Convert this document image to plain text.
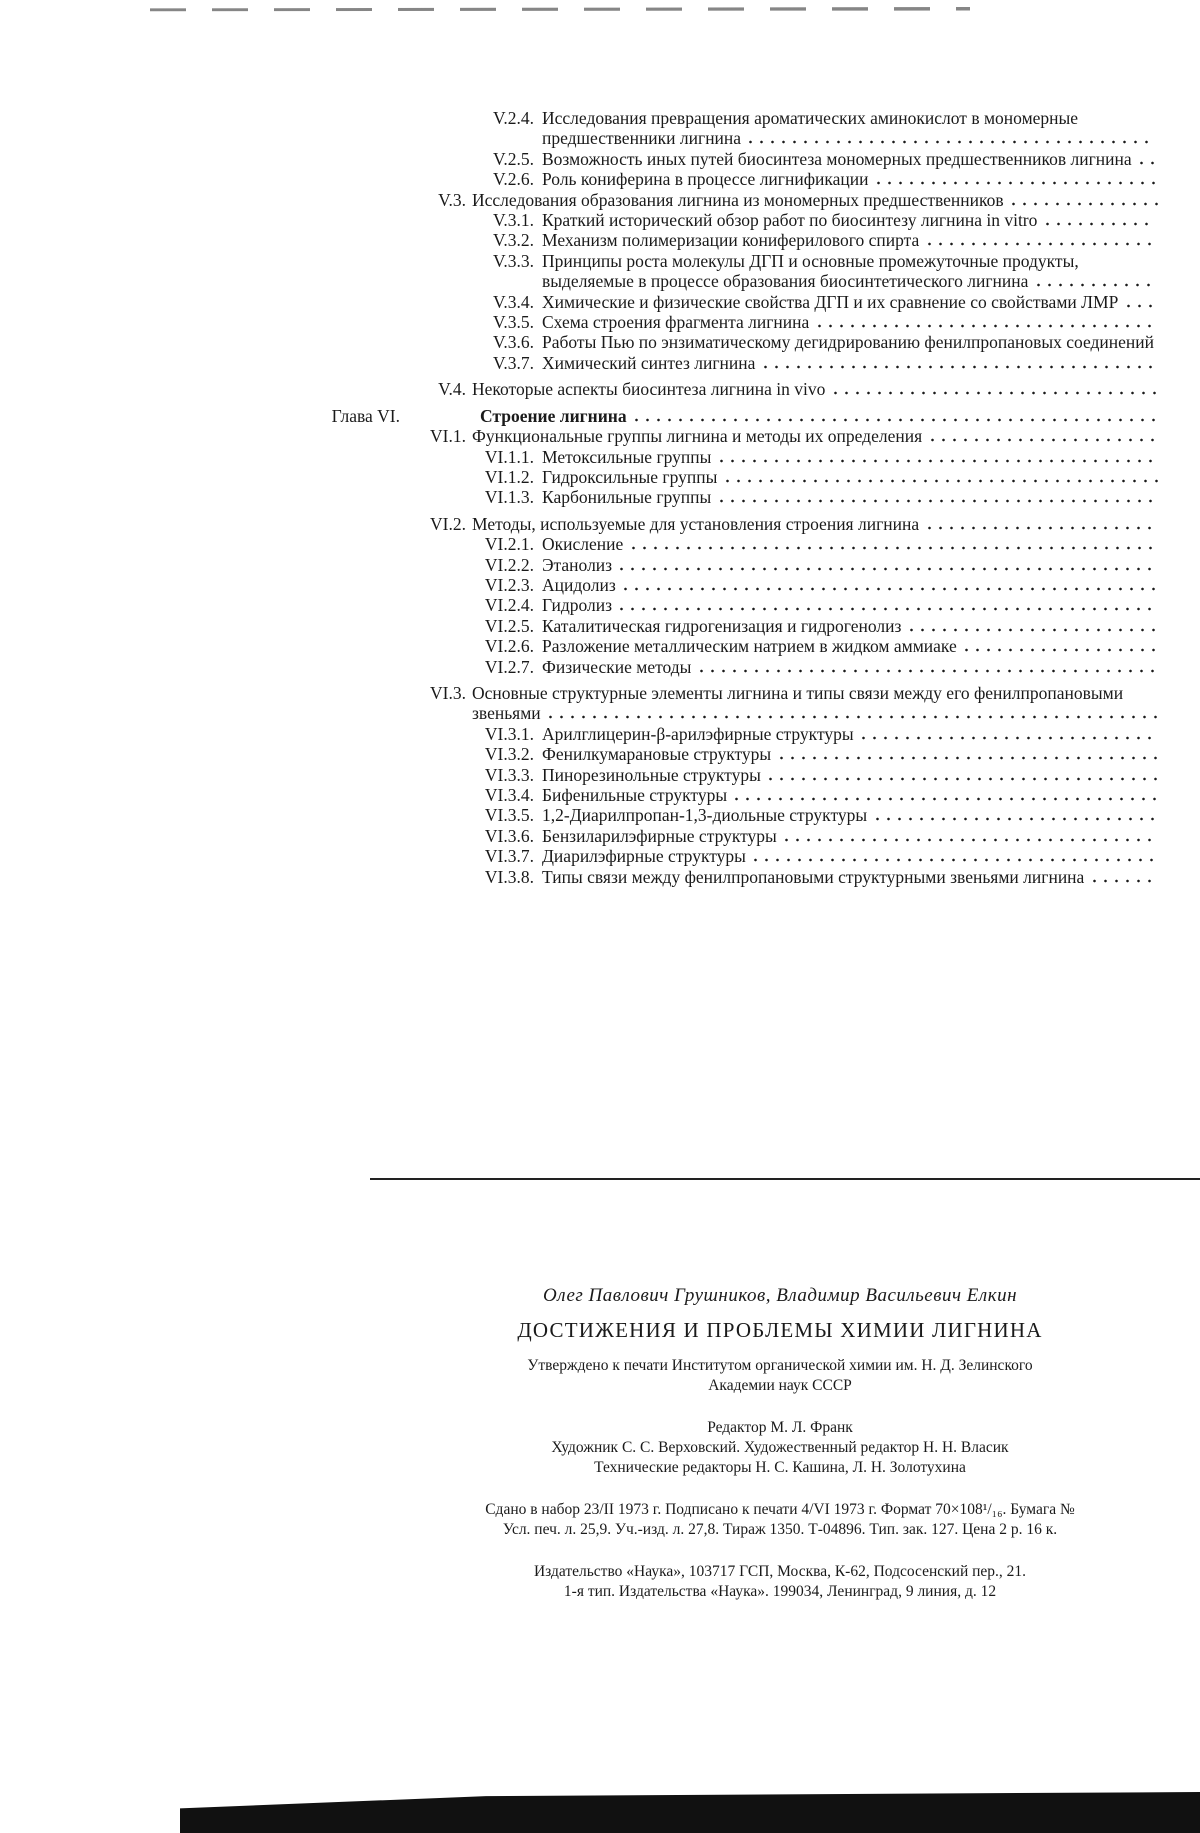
V.2.4. Исследования превращения ароматических аминокислот в мономерные предшественники лигнина
V.2.5. Возможность иных путей биосинтеза мономерных предшественников лигнина
V.2.6. Роль кониферина в процессе лигнификации
V.3. Исследования образования лигнина из мономерных предшественников
V.3.1. Краткий исторический обзор работ по биосинтезу лигнина in vitro
V.3.2. Механизм полимеризации кониферилового спирта
V.3.3. Принципы роста молекулы ДГП и основные промежуточные продукты, выделяемые в процессе образования биосинтетического лигнина
V.3.4. Химические и физические свойства ДГП и их сравнение со свойствами ЛМР
V.3.5. Схема строения фрагмента лигнина
V.3.6. Работы Пью по энзиматическому дегидрированию фенилпропановых соединений
V.3.7. Химический синтез лигнина
V.4. Некоторые аспекты биосинтеза лигнина in vivo
Глава VI.	Строение лигнина
VI.1. Функциональные группы лигнина и методы их определения
VI.1.1. Метоксильные группы
VI.1.2. Гидроксильные группы
VI.1.3. Карбонильные группы
VI.2. Методы, используемые для установления строения лигнина
VI.2.1. Окисление
VI.2.2. Этанолиз
VI.2.3. Ацидолиз
VI.2.4. Гидролиз
VI.2.5. Каталитическая гидрогенизация и гидрогенолиз
VI.2.6. Разложение металлическим натрием в жидком аммиаке
VI.2.7. Физические методы
VI.3. Основные структурные элементы лигнина и типы связи между его фенилпропановыми звеньями
VI.3.1. Арилглицерин-β-арилэфирные структуры
VI.3.2. Фенилкумарановые структуры
VI.3.3. Пинорезинольные структуры
VI.3.4. Бифенильные структуры
VI.3.5. 1,2-Диарилпропан-1,3-диольные структуры
VI.3.6. Бензиларилэфирные структуры
VI.3.7. Диарилэфирные структуры
VI.3.8. Типы связи между фенилпропановыми структурными звеньями лигнина
Олег Павлович Грушников, Владимир Васильевич Елкин
ДОСТИЖЕНИЯ И ПРОБЛЕМЫ ХИМИИ ЛИГНИНА
Утверждено к печати Институтом органической химии им. Н. Д. Зелинского
Академии наук СССР
Редактор М. Л. Франк
Художник С. С. Верховский. Художественный редактор Н. Н. Власик
Технические редакторы Н. С. Кашина, Л. Н. Золотухина
Сдано в набор 23/II 1973 г. Подписано к печати 4/VI 1973 г. Формат 70×108¹/₁₆. Бумага №
Усл. печ. л. 25,9. Уч.-изд. л. 27,8. Тираж 1350. Т-04896. Тип. зак. 127. Цена 2 р. 16 к.
Издательство «Наука», 103717 ГСП, Москва, К-62, Подсосенский пер., 21.
1-я тип. Издательства «Наука». 199034, Ленинград, 9 линия, д. 12
